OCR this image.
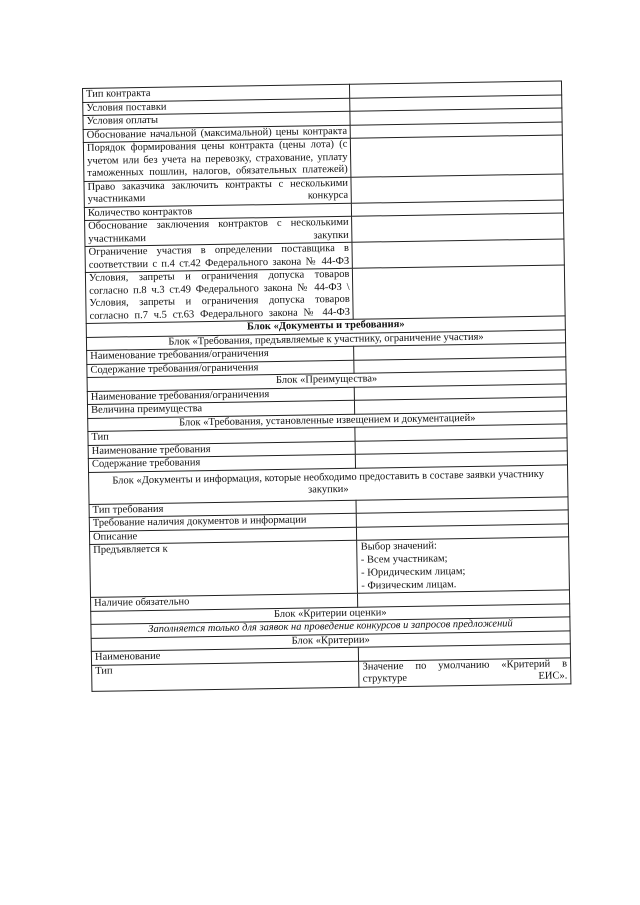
Тип контракта	
Условия поставки	
Условия оплаты	
Обоснование начальной (максимальной) цены контракта	
Порядок формирования цены контракта (цены лота) (с учетом или без учета на перевозку, страхование, уплату таможенных пошлин, налогов, обязательных платежей)	
Право заказчика заключить контракты с несколькими участниками конкурса	
Количество контрактов	
Обоснование заключения контрактов с несколькими участниками закупки	
Ограничение участия в определении поставщика в соответствии с п.4 ст.42 Федерального закона № 44-ФЗ	
Условия, запреты и ограничения допуска товаров согласно п.8 ч.3 ст.49 Федерального закона № 44-ФЗ \ Условия, запреты и ограничения допуска товаров согласно п.7 ч.5 ст.63 Федерального закона № 44-ФЗ	
Блок «Документы и требования»	
Блок «Требования, предъявляемые к участнику, ограничение участия»	
Наименование требования/ограничения	
Содержание требования/ограничения	
Блок «Преимущества»	
Наименование требования/ограничения	
Величина преимущества	
Блок «Требования, установленные извещением и документацией»	
Тип	
Наименование требования	
Содержание требования	
Блок «Документы и информация, которые необходимо предоставить в составе заявки участнику закупки»	
Тип требования	
Требование наличия документов и информации	
Описание	
Предъявляется к	Выбор значений:
- Всем участникам;
- Юридическим лицам;
- Физическим лицам.

Наличие обязательно	
Блок «Критерии оценки»	
Заполняется только для заявок на проведение конкурсов и запросов предложений	
Блок «Критерии»	
Наименование	
Тип	Значение по умолчанию «Критерий в структуре ЕИС».
